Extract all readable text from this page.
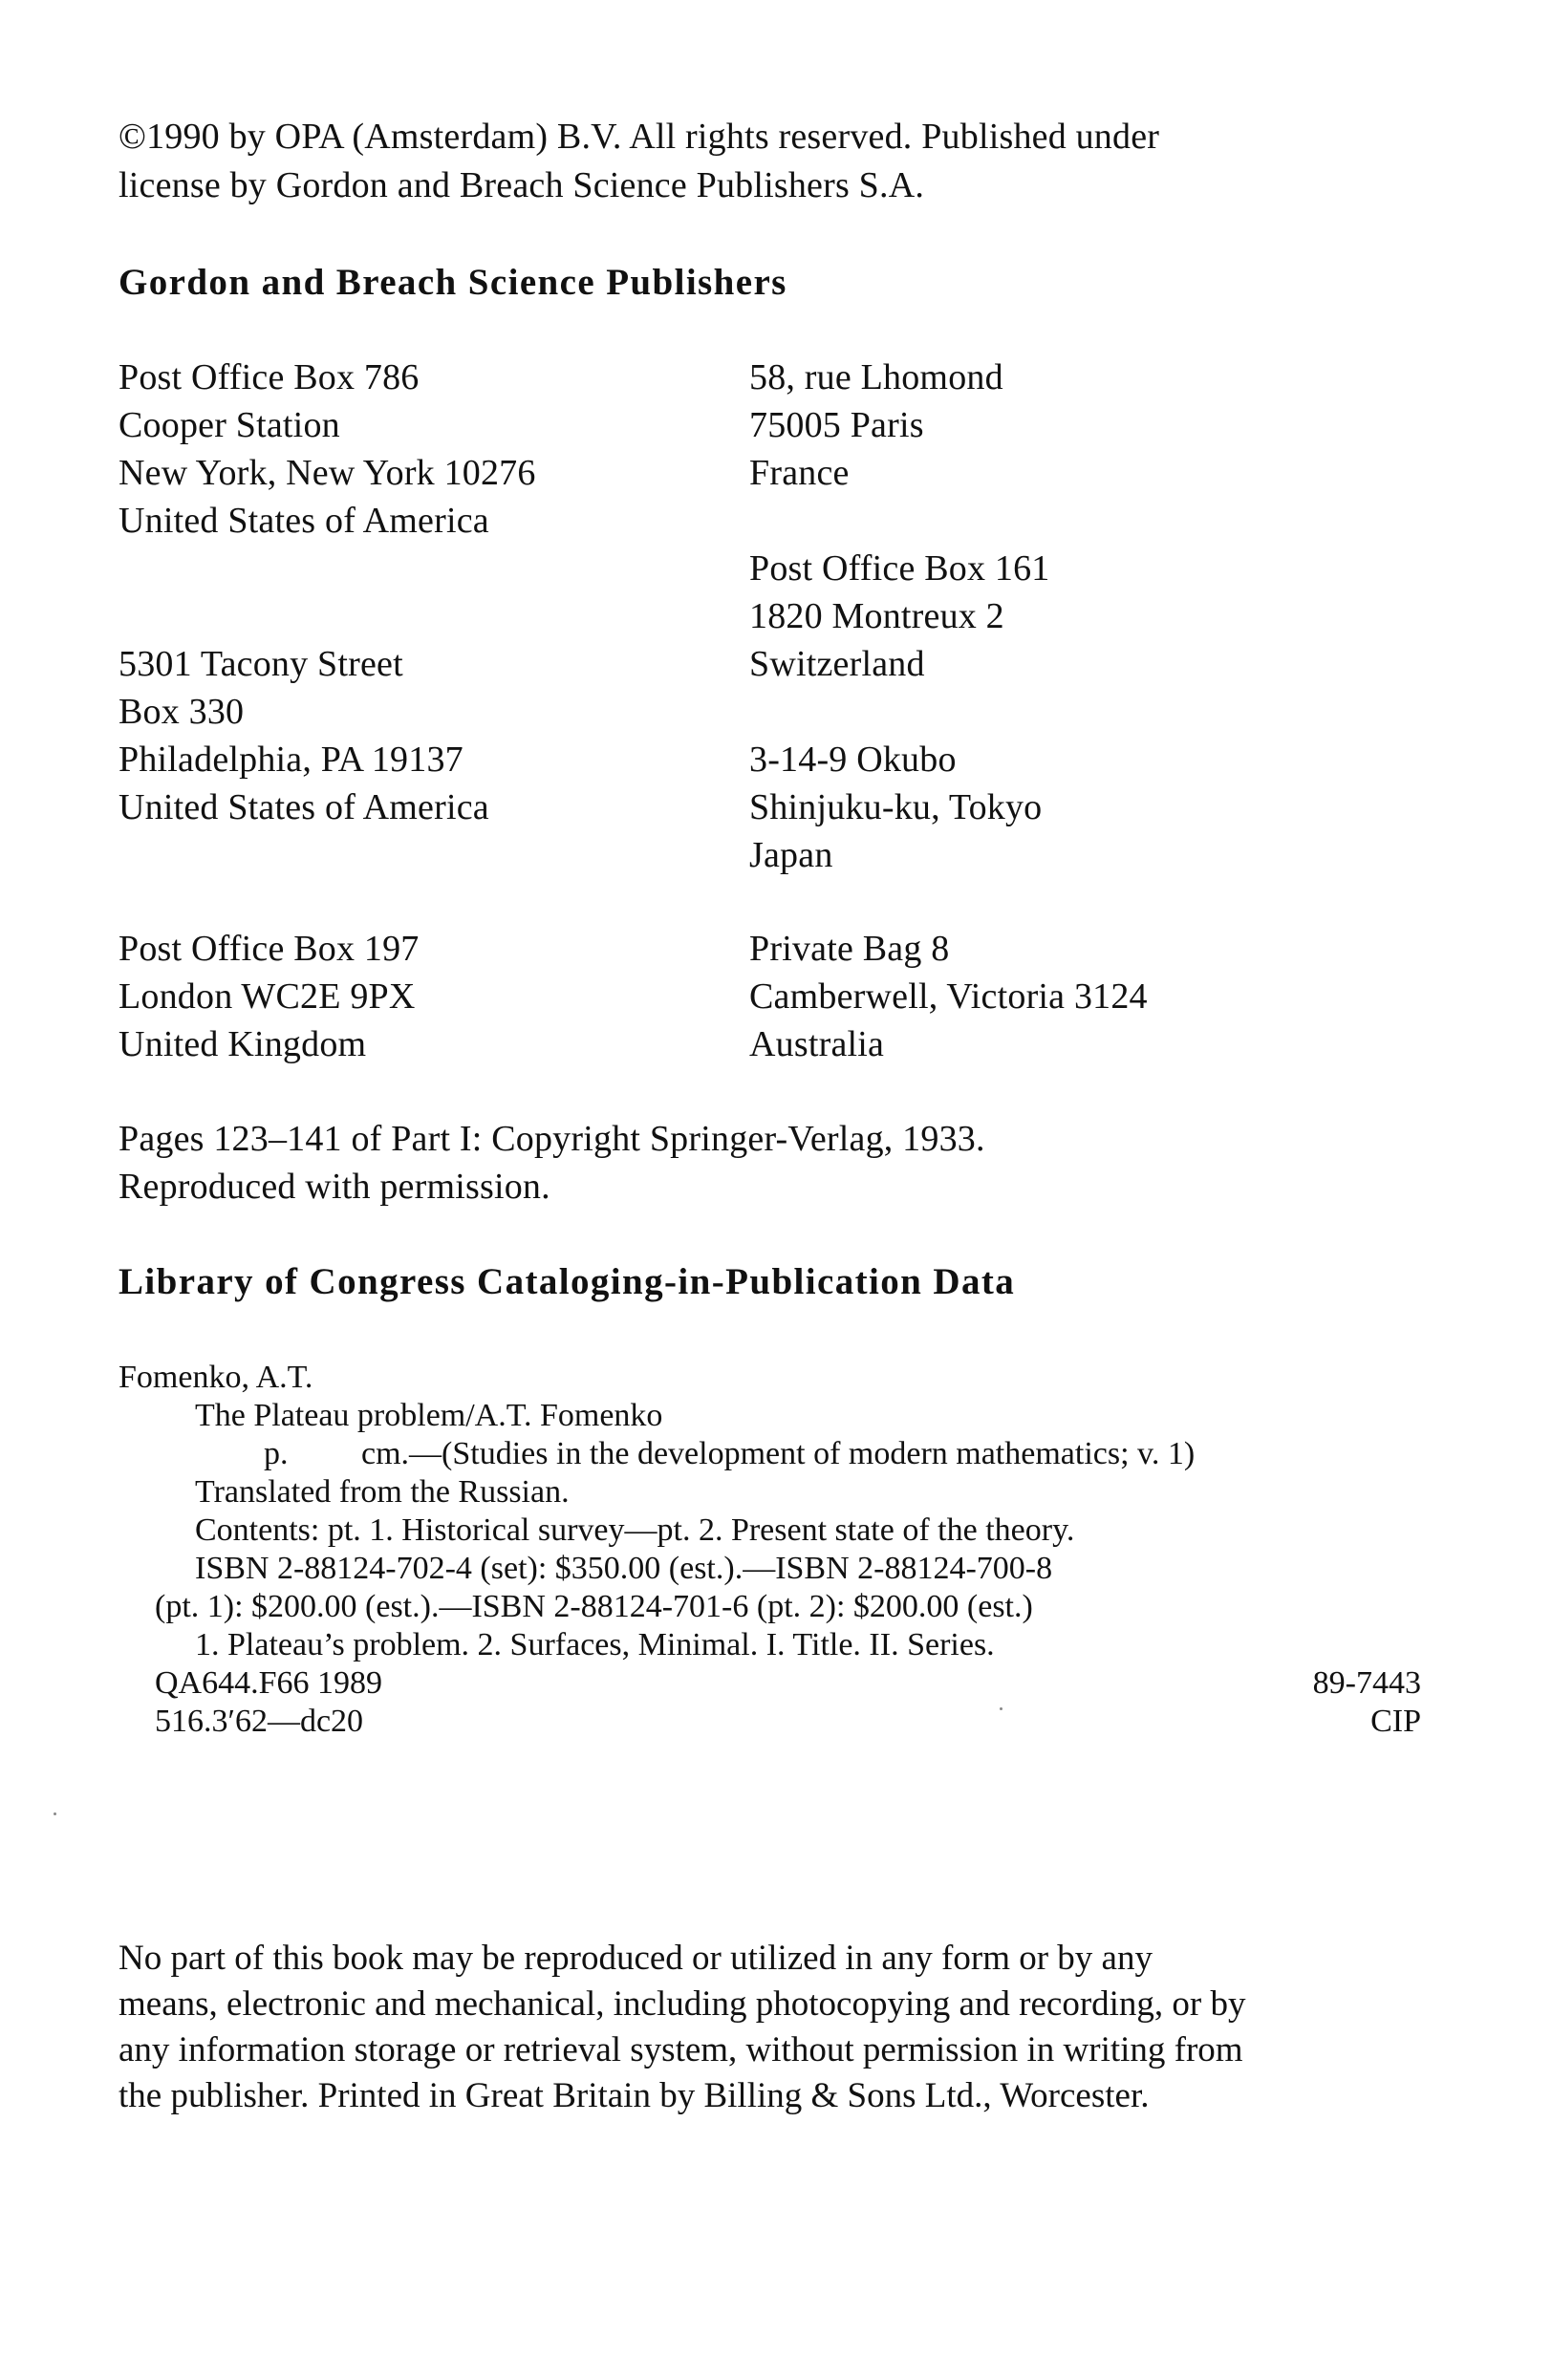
©1990 by OPA (Amsterdam) B.V. All rights reserved. Published under
license by Gordon and Breach Science Publishers S.A.
Gordon and Breach Science Publishers
Post Office Box 786
Cooper Station
New York, New York 10276
United States of America
5301 Tacony Street
Box 330
Philadelphia, PA 19137
United States of America
Post Office Box 197
London WC2E 9PX
United Kingdom
58, rue Lhomond
75005 Paris
France
Post Office Box 161
1820 Montreux 2
Switzerland
3-14-9 Okubo
Shinjuku-ku, Tokyo
Japan
Private Bag 8
Camberwell, Victoria 3124
Australia
Pages 123–141 of Part I: Copyright Springer-Verlag, 1933.
Reproduced with permission.
Library of Congress Cataloging-in-Publication Data
Fomenko, A.T.
The Plateau problem/A.T. Fomenko
p. cm.—(Studies in the development of modern mathematics; v. 1)
Translated from the Russian.
Contents: pt. 1. Historical survey—pt. 2. Present state of the theory.
ISBN 2-88124-702-4 (set): $350.00 (est.).—ISBN 2-88124-700-8
(pt. 1): $200.00 (est.).—ISBN 2-88124-701-6 (pt. 2): $200.00 (est.)
1. Plateau’s problem. 2. Surfaces, Minimal. I. Title. II. Series.
QA644.F66 1989	89-7443
516.3′62—dc20	CIP
No part of this book may be reproduced or utilized in any form or by any
means, electronic and mechanical, including photocopying and recording, or by
any information storage or retrieval system, without permission in writing from
the publisher. Printed in Great Britain by Billing & Sons Ltd., Worcester.
